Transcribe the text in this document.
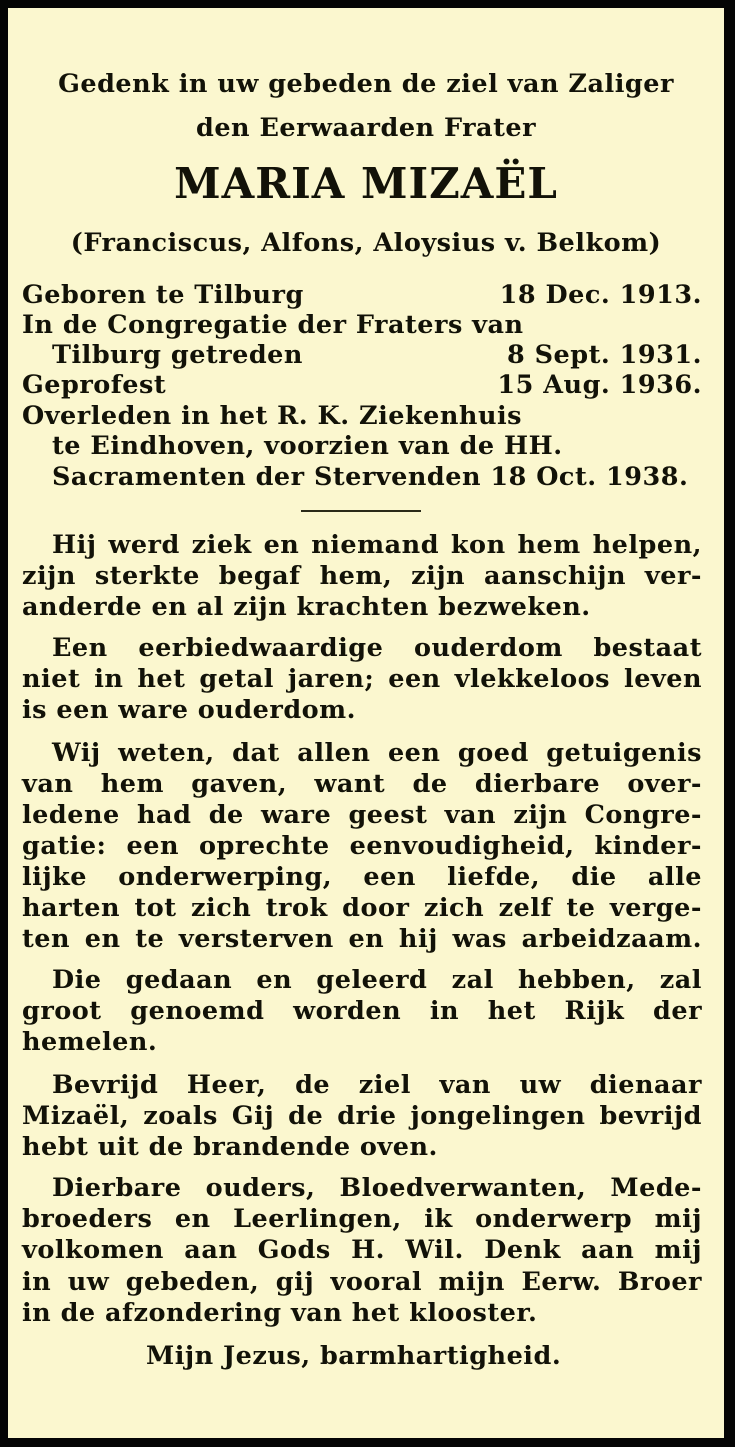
Gedenk in uw gebeden de ziel van Zaliger
den Eerwaarden Frater
MARIA MIZAËL
(Franciscus, Alfons, Aloysius v. Belkom)
Geboren te Tilburg	18 Dec. 1913.
In de Congregatie der Fraters van
Tilburg getreden	8 Sept. 1931.
Geprofest	15 Aug. 1936.
Overleden in het R. K. Ziekenhuis
te Eindhoven, voorzien van de HH.
Sacramenten der Stervenden 18 Oct. 1938.
Hij werd ziek en niemand kon hem helpen,
zijn sterkte begaf hem, zijn aanschijn ver-
anderde en al zijn krachten bezweken.
Een eerbiedwaardige ouderdom bestaat
niet in het getal jaren; een vlekkeloos leven
is een ware ouderdom.
Wij weten, dat allen een goed getuigenis
van hem gaven, want de dierbare over-
ledene had de ware geest van zijn Congre-
gatie: een oprechte eenvoudigheid, kinder-
lijke onderwerping, een liefde, die alle
harten tot zich trok door zich zelf te verge-
ten en te versterven en hij was arbeidzaam.
Die gedaan en geleerd zal hebben, zal
groot genoemd worden in het Rijk der
hemelen.
Bevrijd Heer, de ziel van uw dienaar
Mizaël, zoals Gij de drie jongelingen bevrijd
hebt uit de brandende oven.
Dierbare ouders, Bloedverwanten, Mede-
broeders en Leerlingen, ik onderwerp mij
volkomen aan Gods H. Wil. Denk aan mij
in uw gebeden, gij vooral mijn Eerw. Broer
in de afzondering van het klooster.
Mijn Jezus, barmhartigheid.
